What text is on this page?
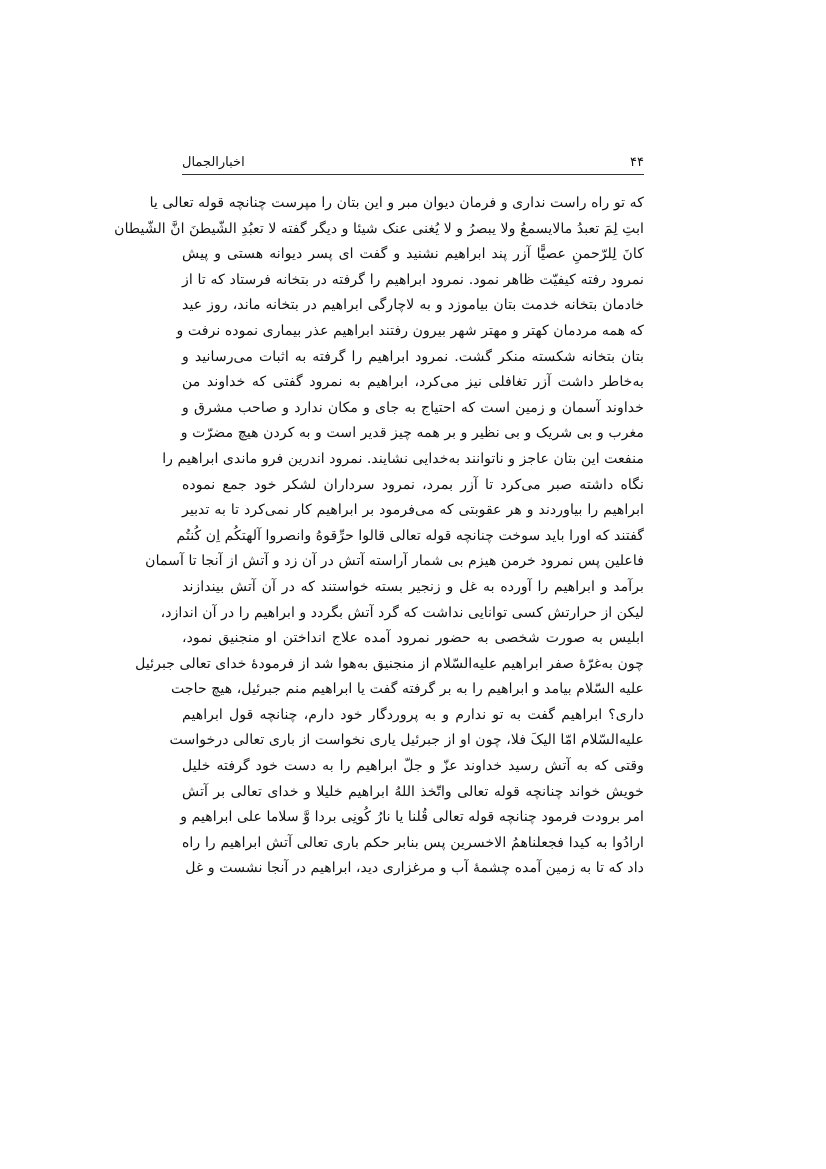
۴۴
اخبارالجمال
که تو راه راست نداری و فرمان دیوان مبر و این بتان را مپرست چنانچه قوله تعالی یا
ابتِ لِمَ تعبدُ مالایسمعُ ولا یبصرُ و لا یُغنی عنک شیئا و دیگر گفته لا تعبُدِ الشّیطنَ انَّ الشّیطان
کانَ لِلرّحمنِ عصیًّا آزر پند ابراهیم نشنید و گفت ای پسر دیوانه هستی و پیش
نمرود رفته کیفیّت ظاهر نمود. نمرود ابراهیم را گرفته در بتخانه فرستاد که تا از
خادمان بتخانه خدمت بتان بیاموزد و به لاچارگی ابراهیم در بتخانه ماند، روز عید
که همه مردمان کهتر و مهتر شهر بیرون رفتند ابراهیم عذر بیماری نموده نرفت و
بتان بتخانه شکسته منکر گشت. نمرود ابراهیم را گرفته به اثبات می‌رسانید و
به‌خاطر داشت آزر تغافلی نیز می‌کرد، ابراهیم به نمرود گفتی که خداوند من
خداوند آسمان و زمین است که احتیاج به جای و مکان ندارد و صاحب مشرق و
مغرب و بی شریک و بی نظیر و بر همه چیز قدیر است و به کردن هیچ مضرّت و
منفعت این بتان عاجز و ناتوانند به‌خدایی نشایند. نمرود اندرین فرو ماندی ابراهیم را
نگاه داشته صبر می‌کرد تا آزر بمرد، نمرود سرداران لشکر خود جمع نموده
ابراهیم را بیاوردند و هر عقوبتی که می‌فرمود بر ابراهیم کار نمی‌کرد تا به تدبیر
گفتند که اورا باید سوخت چنانچه قوله تعالی قالوا حرِّقوهُ وانصروا آلهتکُم اِن کُنتُم
فاعلین پس نمرود خرمن هیزم بی شمار آراسته آتش در آن زد و آتش از آنجا تا آسمان
برآمد و ابراهیم را آورده به غل و زنجیر بسته خواستند که در آن آتش بیندازند
لیکن از حرارتش کسی توانایی نداشت که گرد آتش بگردد و ابراهیم را در آن اندازد،
ابلیس به صورت شخصی به حضور نمرود آمده علاج انداختن او منجنیق نمود،
چون به‌غرّهٔ صفر ابراهیم علیه‌السّلام از منجنیق به‌هوا شد از فرمودهٔ خدای تعالی جبرئیل
علیه السّلام بیامد و ابراهیم را به بر گرفته گفت یا ابراهیم منم جبرئیل، هیچ حاجت
داری؟ ابراهیم گفت به تو ندارم و به پروردگار خود دارم، چنانچه قول ابراهیم
علیه‌السّلام امّا الیکَ فلا، چون او از جبرئیل یاری نخواست از باری تعالی درخواست
وقتی که به آتش رسید خداوند عزّ و جلّ ابراهیم را به دست خود گرفته خلیل
خویش خواند چنانچه قوله تعالی واتّخذ اللهُ ابراهیم خلیلا و خدای تعالی بر آتش
امر برودت فرمود چنانچه قوله تعالی قُلنا یا نارُ کُونِی بردا وَّ سلاما علی ابراهیم و
ارادُوا به کیدا فجعلناهمُ الاخسرین پس بنابر حکم باری تعالی آتش ابراهیم را راه
داد که تا به زمین آمده چشمهٔ آب و مرغزاری دید، ابراهیم در آنجا نشست و غل
